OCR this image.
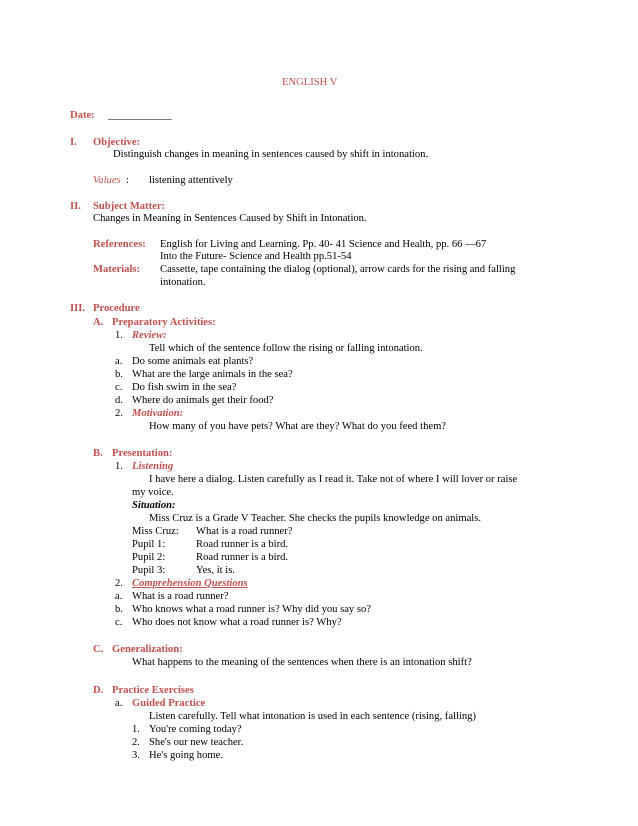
ENGLISH V
Date: ____________
I. Objective:
Distinguish changes in meaning in sentences caused by shift in intonation.
Values : listening attentively
II. Subject Matter:
Changes in Meaning in Sentences Caused by Shift in Intonation.
References: English for Living and Learning. Pp. 40- 41 Science and Health, pp. 66 —67
Into the Future- Science and Health pp.51-54
Materials: Cassette, tape containing the dialog (optional), arrow cards for the rising and falling
intonation.
III. Procedure
A. Preparatory Activities:
1. Review:
Tell which of the sentence follow the rising or falling intonation.
a. Do some animals eat plants?
b. What are the large animals in the sea?
c. Do fish swim in the sea?
d. Where do animals get their food?
2. Motivation:
How many of you have pets? What are they? What do you feed them?
B. Presentation:
1. Listening
I have here a dialog. Listen carefully as I read it. Take not of where I will lover or raise
my voice.
Situation:
Miss Cruz is a Grade V Teacher. She checks the pupils knowledge on animals.
Miss Cruz: What is a road runner?
Pupil 1:	Road runner is a bird.
Pupil 2:	Road runner is a bird.
Pupil 3:	Yes, it is.
2. Comprehension Questions
a. What is a road runner?
b. Who knows what a road runner is? Why did you say so?
c. Who does not know what a road runner is? Why?
C. Generalization:
What happens to the meaning of the sentences when there is an intonation shift?
D. Practice Exercises
a. Guided Practice
Listen carefully. Tell what intonation is used in each sentence (rising, falling)
1. You're coming today?
2. She's our new teacher.
3. He's going home.
